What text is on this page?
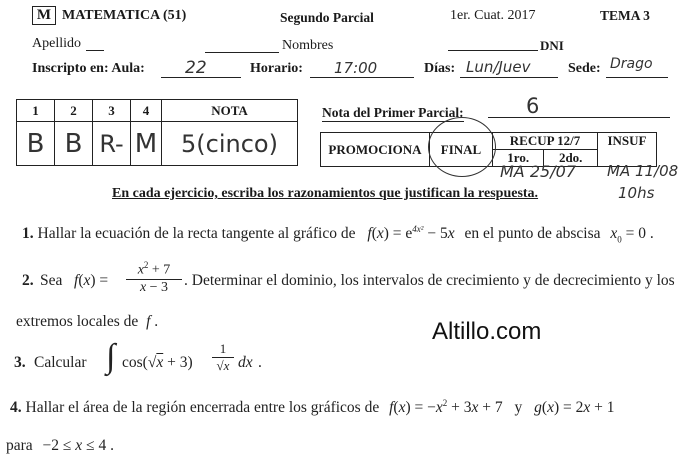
M MATEMATICA (51)	Segundo Parcial	1er. Cuat. 2017	TEMA 3
Apellido	Nombres	DNI
Inscripto en: Aula: 22	Horario: 17:00	Días: Lun/Juev	Sede: Drago
1	2	3	4	NOTA
B	B	R-	M	5(cinco)
Nota del Primer Parcial:	6
PROMOCIONA	FINAL	RECUP 12/7		INSUF
		1ro.	2do.	
MA 25/07 MA 11/08
10hs
En cada ejercicio, escriba los razonamientos que justifican la respuesta.
1. Hallar la ecuación de la recta tangente al gráfico de $f(x) = e^{4x^2} - 5x$ en el punto de abscisa $x_0 = 0$ .
2. Sea f(x) =
$x^2 + 7$
x − 3	. Determinar el dominio, los intervalos de crecimiento y de decrecimiento y los
extremos locales de f .
3. Calcular ∫ cos(√x + 3)
1
√x dx .
Altillo.com
4. Hallar el área de la región encerrada entre los gráficos de $f(x) = -x^2 + 3x + 7$ y g(x) = 2x + 1
para −2 ≤ x ≤ 4 .
